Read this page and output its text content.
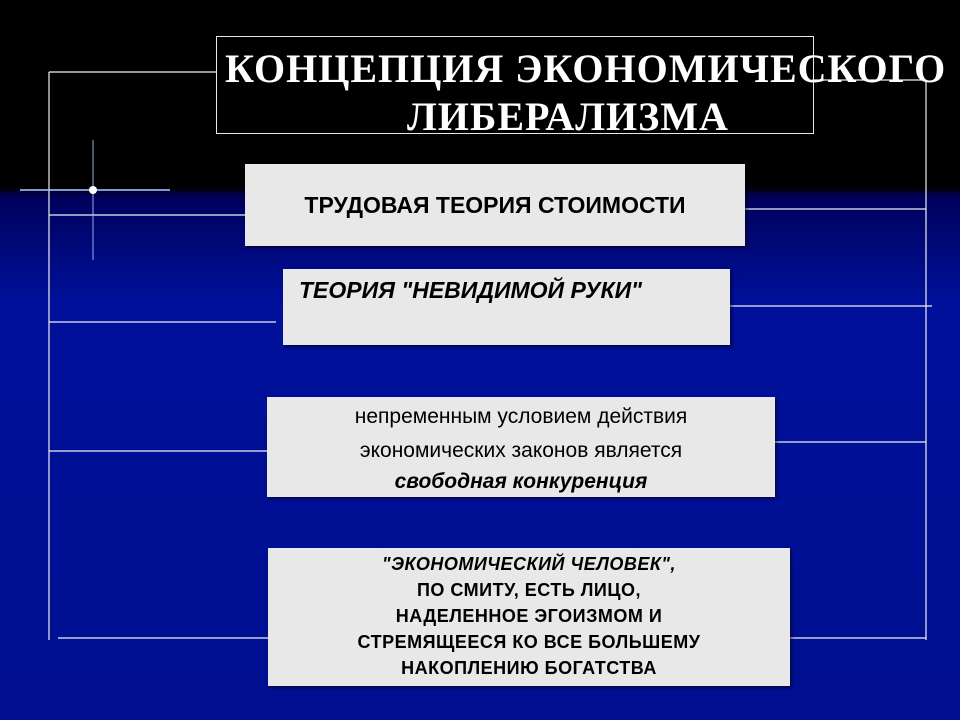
КОНЦЕПЦИЯ ЭКОНОМИЧЕСКОГО
ЛИБЕРАЛИЗМА
ТРУДОВАЯ ТЕОРИЯ СТОИМОСТИ
ТЕОРИЯ "НЕВИДИМОЙ РУКИ"
непременным условием действия
экономических законов является
свободная конкуренция
"ЭКОНОМИЧЕСКИЙ ЧЕЛОВЕК",
ПО СМИТУ, ЕСТЬ ЛИЦО,
НАДЕЛЕННОЕ ЭГОИЗМОМ И
СТРЕМЯЩЕЕСЯ КО ВСЕ БОЛЬШЕМУ
НАКОПЛЕНИЮ БОГАТСТВА
